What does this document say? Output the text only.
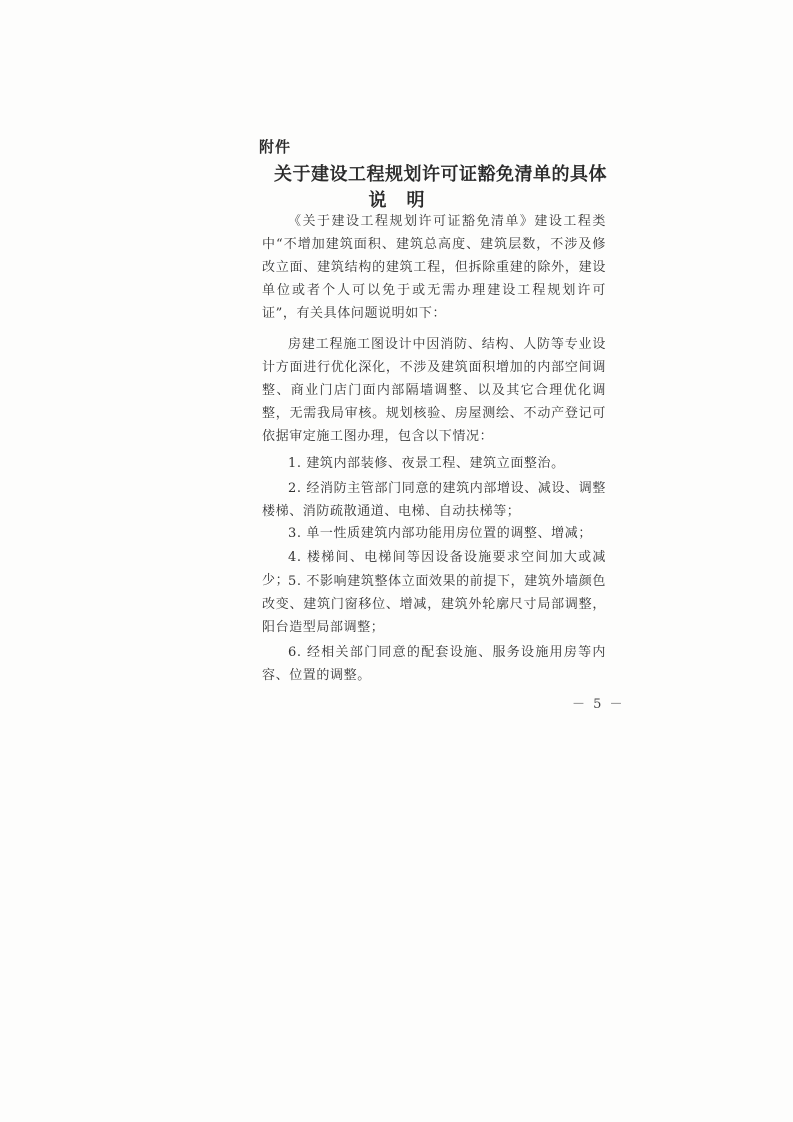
附件
关于建设工程规划许可证豁免清单的具体
说明
《关于建设工程规划许可证豁免清单》建设工程类中“不增加建筑面积、建筑总高度、建筑层数，不涉及修改立面、建筑结构的建筑工程，但拆除重建的除外，建设单位或者个人可以免于或无需办理建设工程规划许可证”，有关具体问题说明如下：
房建工程施工图设计中因消防、结构、人防等专业设计方面进行优化深化，不涉及建筑面积增加的内部空间调整、商业门店门面内部隔墙调整、以及其它合理优化调整，无需我局审核。规划核验、房屋测绘、不动产登记可依据审定施工图办理，包含以下情况：
1. 建筑内部装修、夜景工程、建筑立面整治。
2. 经消防主管部门同意的建筑内部增设、减设、调整楼梯、消防疏散通道、电梯、自动扶梯等；
3. 单一性质建筑内部功能用房位置的调整、增减；
4. 楼梯间、电梯间等因设备设施要求空间加大或减少；
5. 不影响建筑整体立面效果的前提下，建筑外墙颜色改变、建筑门窗移位、增减，建筑外轮廓尺寸局部调整，阳台造型局部调整；
6. 经相关部门同意的配套设施、服务设施用房等内容、位置的调整。
－ 5 －
